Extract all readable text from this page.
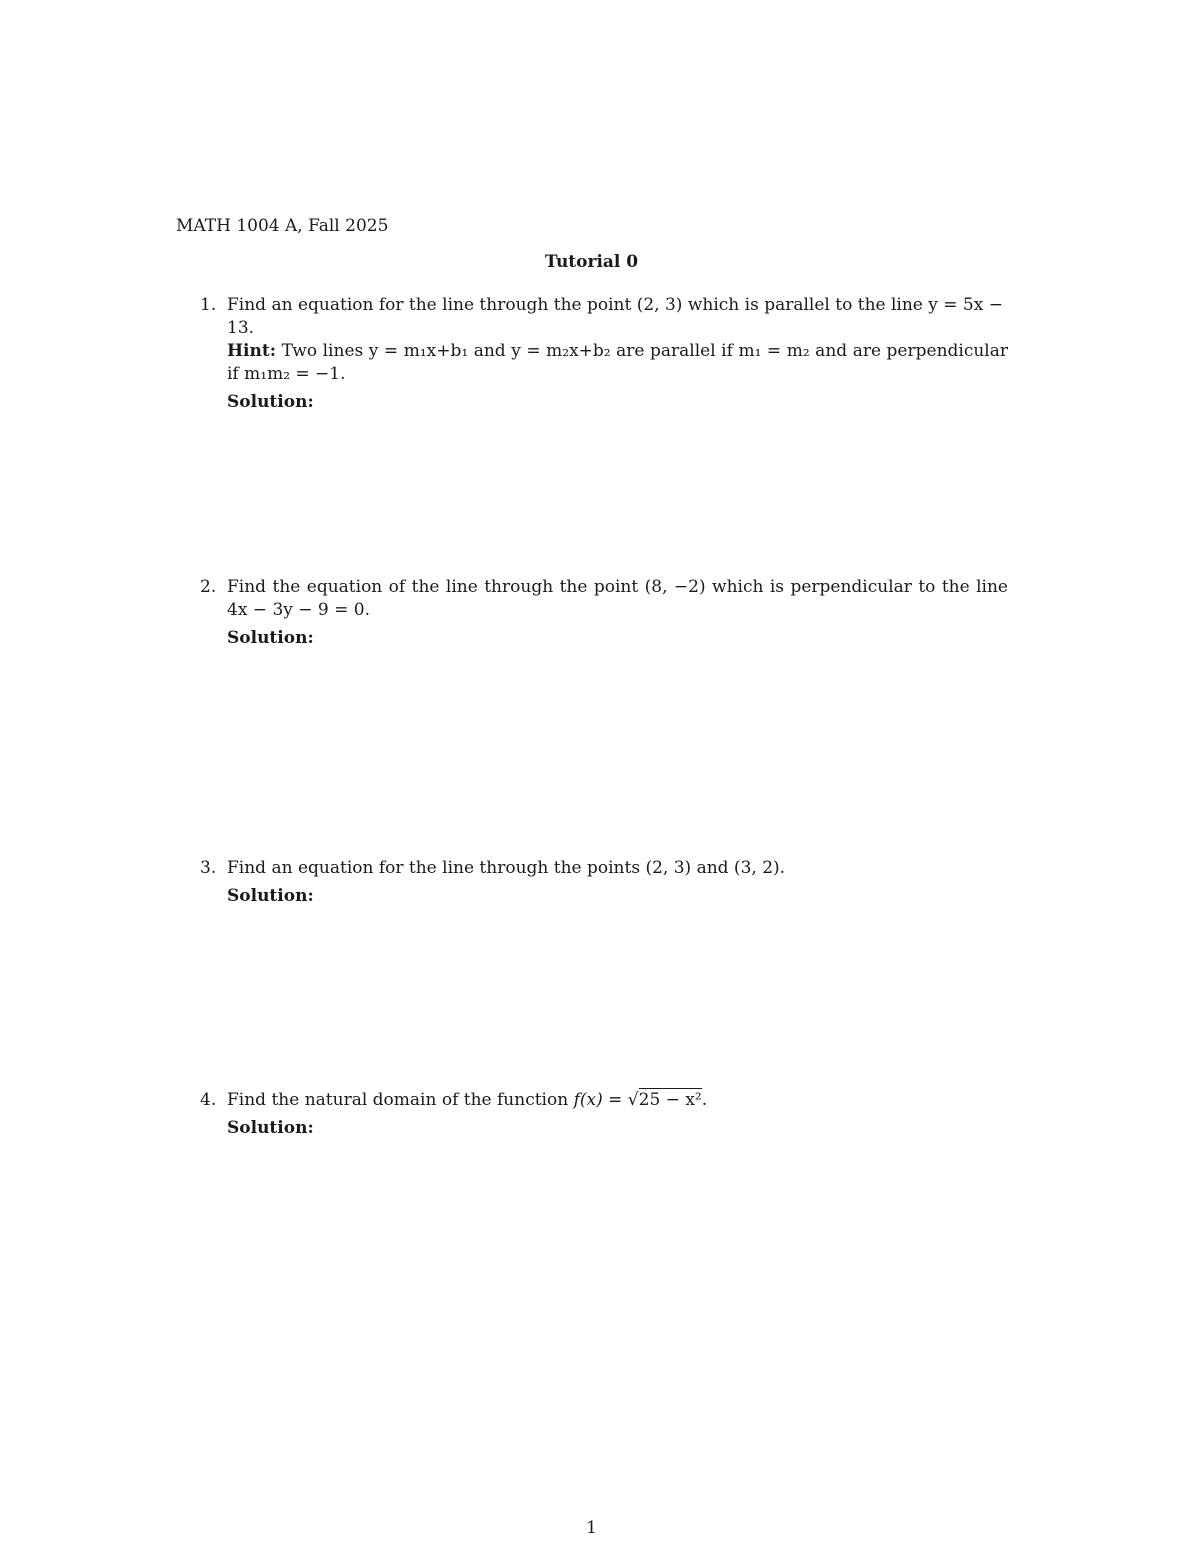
MATH 1004 A, Fall 2025
Tutorial 0
1. Find an equation for the line through the point (2, 3) which is parallel to the line y = 5x − 13.

Hint: Two lines y = m₁x+b₁ and y = m₂x+b₂ are parallel if m₁ = m₂ and are perpendicular

if m₁m₂ = −1.

Solution:

2. Find the equation of the line through the point (8, −2) which is perpendicular to the line

4x − 3y − 9 = 0.

Solution:

3. Find an equation for the line through the points (2, 3) and (3, 2).

Solution:

4. Find the natural domain of the function f(x) = √25 − x².

Solution:

1
